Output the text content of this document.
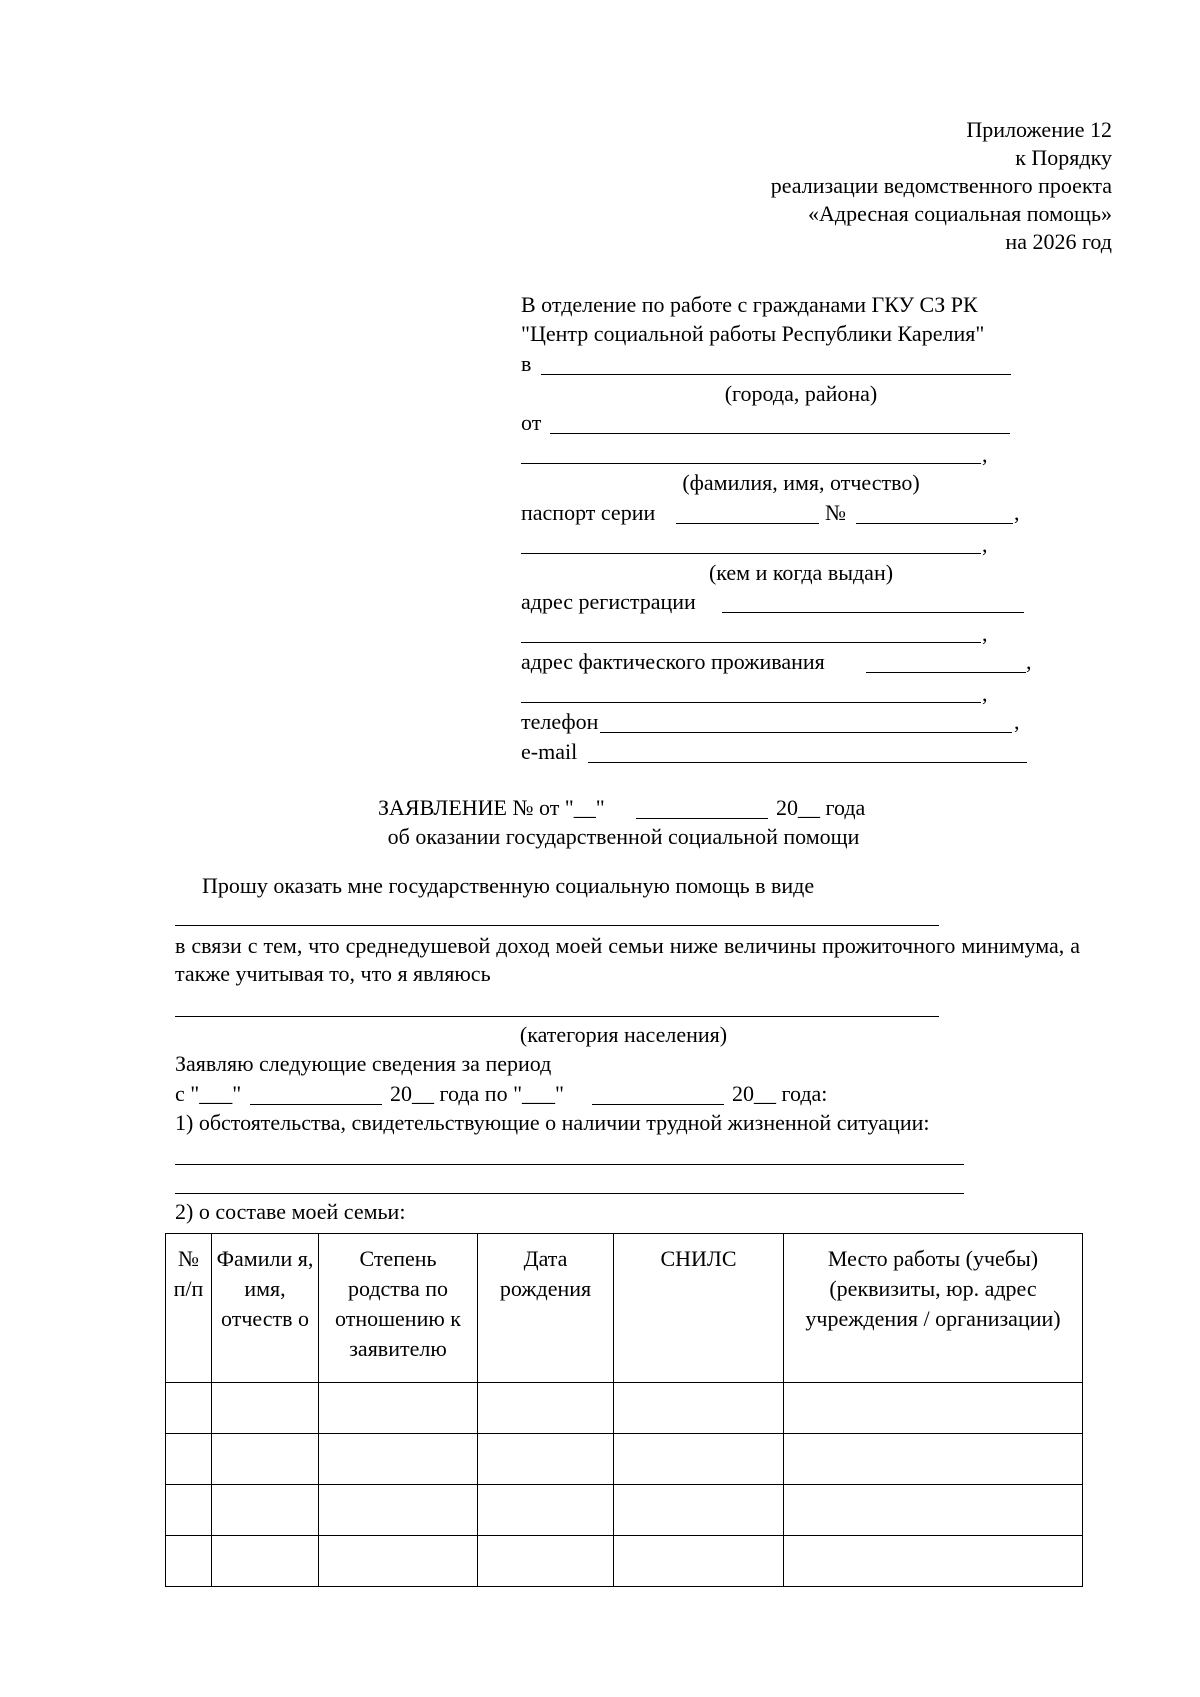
Приложение 12
к Порядку
реализации ведомственного проекта
«Адресная социальная помощь»
на 2026 год
В отделение по работе с гражданами ГКУ СЗ РК
"Центр социальной работы Республики Карелия"
в
(города, района)
от
,
(фамилия, имя, отчество)
паспорт серии	№	,
,
(кем и когда выдан)
адрес регистрации
,
адрес фактического проживания	,
,
телефон	,
e-mail
ЗАЯВЛЕНИЕ № от "__"	20__ года
об оказании государственной социальной помощи
Прошу оказать мне государственную социальную помощь в виде
в связи с тем, что среднедушевой доход моей семьи ниже величины прожиточного минимума, а также учитывая то, что я являюсь
(категория населения)
Заявляю следующие сведения за период
с "___"	20__ года по "___"	20__ года:
1) обстоятельства, свидетельствующие о наличии трудной жизненной ситуации:
2) о составе моей семьи:
№ п/п	Фамили я, имя, отчеств о	Степень родства по отношению к заявителю	Дата рождения	СНИЛС	Место работы (учебы) (реквизиты, юр. адрес учреждения / организации)
